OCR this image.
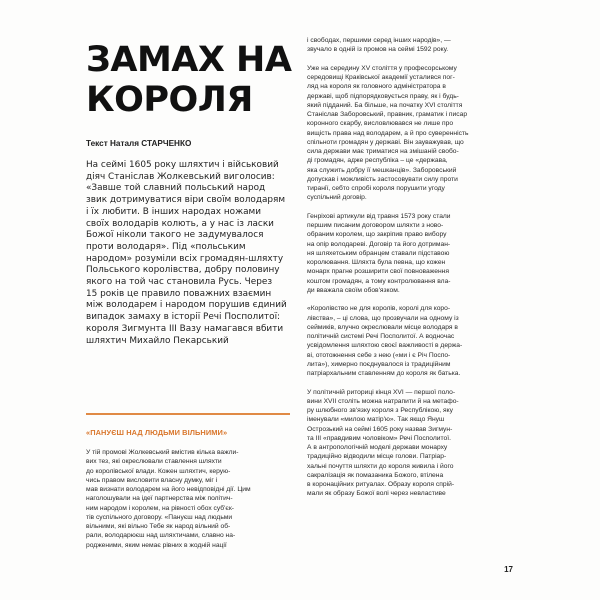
ЗАМАХ НА
КОРОЛЯ
Текст Наталя СТАРЧЕНКО
На сеймі 1605 року шляхтич і військовий
діяч Станіслав Жолкевський виголосив:
«Завше той славний польський народ
звик дотримуватися віри своїм володарям
і їх любити. В інших народах ножами
своїх володарів колють, а у нас із ласки
Божої ніколи такого не задумувалося
проти володаря». Під «польським
народом» розуміли всіх громадян-шляхту
Польського королівства, добру половину
якого на той час становила Русь. Через
15 років це правило поважних взаємин
між володарем і народом порушив єдиний
випадок замаху в історії Речі Посполитої:
короля Зигмунта III Вазу намагався вбити
шляхтич Михайло Пекарський
«ПАНУЄШ НАД ЛЮДЬМИ ВІЛЬНИМИ»
У тій промові Жолкевський вмістив кілька важли-
вих тез, які окреслювали ставлення шляхти
до королівської влади. Кожен шляхтич, керую-
чись правом висловити власну думку, міг і
мав визнати володарем на його невідповідні дії. Цим
наголошували на ідеї партнерства між політич-
ним народом і королем, на рівності обох суб'єк-
тів суспільного договору. «Пануєш над людьми
вільними, які вільно Тебе як народ вільний об-
рали, володарюєш над шляхтичами, славно на-
родженими, яким немає рівних в жодній нації
і свободах, першими серед інших народів», —
звучало в одній із промов на сеймі 1592 року.
Уже на середину XV століття у професорському
середовищі Краківської академії усталився пог-
ляд на короля як головного адміністратора в
державі, щоб підпорядковується праву, як і будь-
який підданий. Ба більше, на початку XVI століття
Станіслав Заборовський, правник, граматик і писар
коронного скарбу, висловлювався не лише про
вищість права над володарем, а й про суверенність
спільноти громадян у державі. Він зауважував, що
сила держави має триматися на змішаній свобо-
ді громадян, адже республіка – це «держава,
яка служить добру її мешканців». Заборовський
допускав і можливість застосовувати силу проти
тиранії, себто спробі короля порушити угоду
суспільний договір.
Генріхові артикули від травня 1573 року стали
першим писаним договором шляхти з ново-
обраним королем, що закріпив право вибору
на опір володареві. Договір та його дотриман-
ня шляхетським обранцем ставали підставою
королювання. Шляхта була певна, що кожен
монарх прагне розширити свої повноваження
коштом громадян, а тому контролювання вла-
ди вважала своїм обов'язком.
«Королівство не для королів, королі для коро-
лівства», – ці слова, що прозвучали на одному із
сеймиків, влучно окреслювали місце володаря в
політичній системі Речі Посполитої. А водночас
усвідомлення шляхтою своєї важливості в держа-
ві, ототожнення себе з нею («ми і є Річ Поспо-
лита»), химерно поєднувалося із традиційним
патріархальним ставленням до короля як батька.
У політичній риториці кінця XVI — першої поло-
вини XVII століть можна натрапити й на метафо-
ру шлюбного зв'язку короля з Республікою, яку
іменували «милою матір'ю». Так якщо Януш
Острозький на сеймі 1605 року назвав Зигмун-
та III «правдивим чоловіком» Речі Посполитої.
А в антропологічній моделі держави монарху
традиційно відводили місце голови. Патріар-
хальні почуття шляхти до короля живила і його
сакралізація як помазаника Божого, втілена
в коронаційних ритуалах. Образу короля спрій-
мали як образу Божої волі через невластиве
17
